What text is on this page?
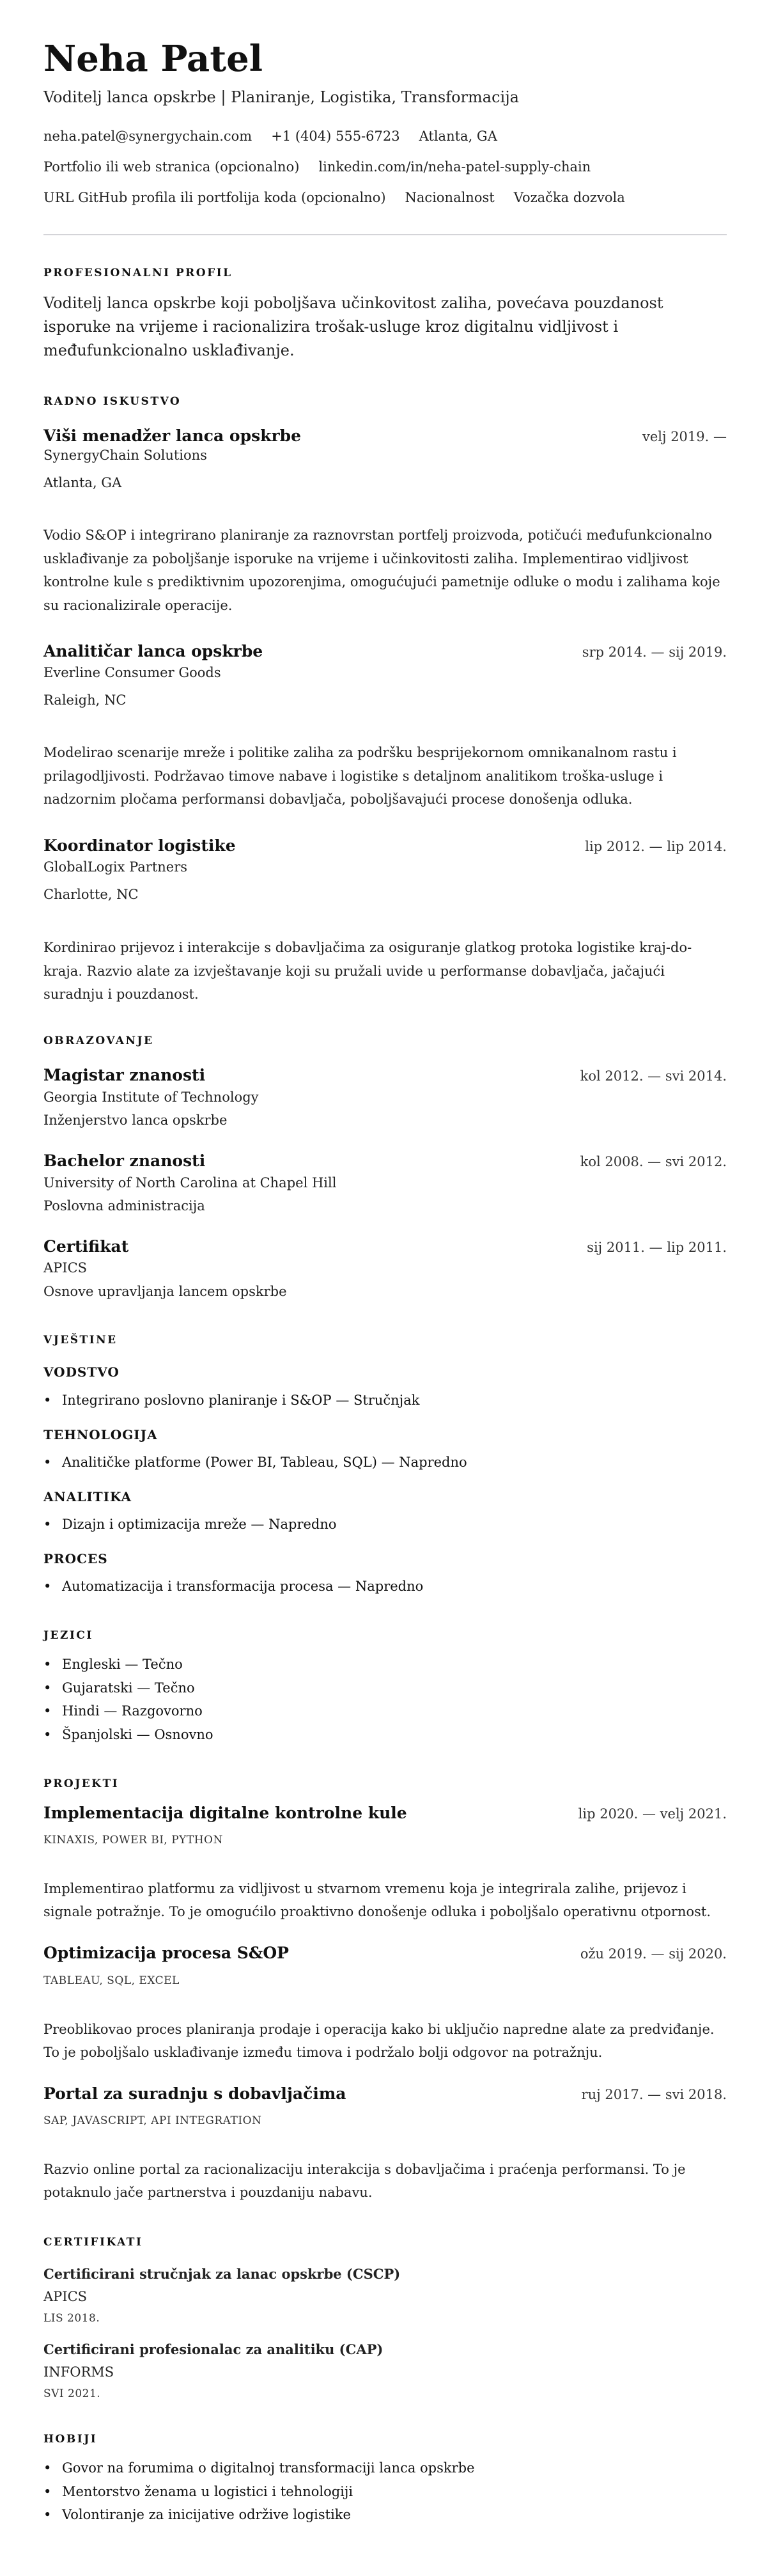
Neha Patel
Voditelj lanca opskrbe | Planiranje, Logistika, Transformacija
neha.patel@synergychain.com +1 (404) 555-6723 Atlanta, GA
Portfolio ili web stranica (opcionalno) linkedin.com/in/neha-patel-supply-chain
URL GitHub profila ili portfolija koda (opcionalno) Nacionalnost Vozačka dozvola
PROFESIONALNI PROFIL
Voditelj lanca opskrbe koji poboljšava učinkovitost zaliha, povećava pouzdanost isporuke na vrijeme i racionalizira trošak-usluge kroz digitalnu vidljivost i međufunkcionalno usklađivanje.
RADNO ISKUSTVO
Viši menadžer lanca opskrbe	velj 2019. —
SynergyChain Solutions
Atlanta, GA
Vodio S&OP i integrirano planiranje za raznovrstan portfelj proizvoda, potičući međufunkcionalno usklađivanje za poboljšanje isporuke na vrijeme i učinkovitosti zaliha. Implementirao vidljivost kontrolne kule s prediktivnim upozorenjima, omogućujući pametnije odluke o modu i zalihama koje su racionalizirale operacije.
Analitičar lanca opskrbe	srp 2014. — sij 2019.
Everline Consumer Goods
Raleigh, NC
Modelirao scenarije mreže i politike zaliha za podršku besprijekornom omnikanalnom rastu i prilagodljivosti. Podržavao timove nabave i logistike s detaljnom analitikom troška-usluge i nadzornim pločama performansi dobavljača, poboljšavajući procese donošenja odluka.
Koordinator logistike	lip 2012. — lip 2014.
GlobalLogix Partners
Charlotte, NC
Kordinirao prijevoz i interakcije s dobavljačima za osiguranje glatkog protoka logistike kraj-do-kraja. Razvio alate za izvještavanje koji su pružali uvide u performanse dobavljača, jačajući suradnju i pouzdanost.
OBRAZOVANJE
Magistar znanosti	kol 2012. — svi 2014.
Georgia Institute of Technology
Inženjerstvo lanca opskrbe
Bachelor znanosti	kol 2008. — svi 2012.
University of North Carolina at Chapel Hill
Poslovna administracija
Certifikat	sij 2011. — lip 2011.
APICS
Osnove upravljanja lancem opskrbe
VJEŠTINE
VODSTVO
• Integrirano poslovno planiranje i S&OP — Stručnjak
TEHNOLOGIJA
• Analitičke platforme (Power BI, Tableau, SQL) — Napredno
ANALITIKA
• Dizajn i optimizacija mreže — Napredno
PROCES
• Automatizacija i transformacija procesa — Napredno
JEZICI
• Engleski — Tečno
• Gujaratski — Tečno
• Hindi — Razgovorno
• Španjolski — Osnovno
PROJEKTI
Implementacija digitalne kontrolne kule	lip 2020. — velj 2021.
KINAXIS, POWER BI, PYTHON
Implementirao platformu za vidljivost u stvarnom vremenu koja je integrirala zalihe, prijevoz i signale potražnje. To je omogućilo proaktivno donošenje odluka i poboljšalo operativnu otpornost.
Optimizacija procesa S&OP	ožu 2019. — sij 2020.
TABLEAU, SQL, EXCEL
Preoblikovao proces planiranja prodaje i operacija kako bi uključio napredne alate za predviđanje. To je poboljšalo usklađivanje između timova i podržalo bolji odgovor na potražnju.
Portal za suradnju s dobavljačima	ruj 2017. — svi 2018.
SAP, JAVASCRIPT, API INTEGRATION
Razvio online portal za racionalizaciju interakcija s dobavljačima i praćenja performansi. To je potaknulo jače partnerstva i pouzdaniju nabavu.
CERTIFIKATI
Certificirani stručnjak za lanac opskrbe (CSCP)
APICS
LIS 2018.
Certificirani profesionalac za analitiku (CAP)
INFORMS
SVI 2021.
HOBIJI
• Govor na forumima o digitalnoj transformaciji lanca opskrbe
• Mentorstvo ženama u logistici i tehnologiji
• Volontiranje za inicijative održive logistike
